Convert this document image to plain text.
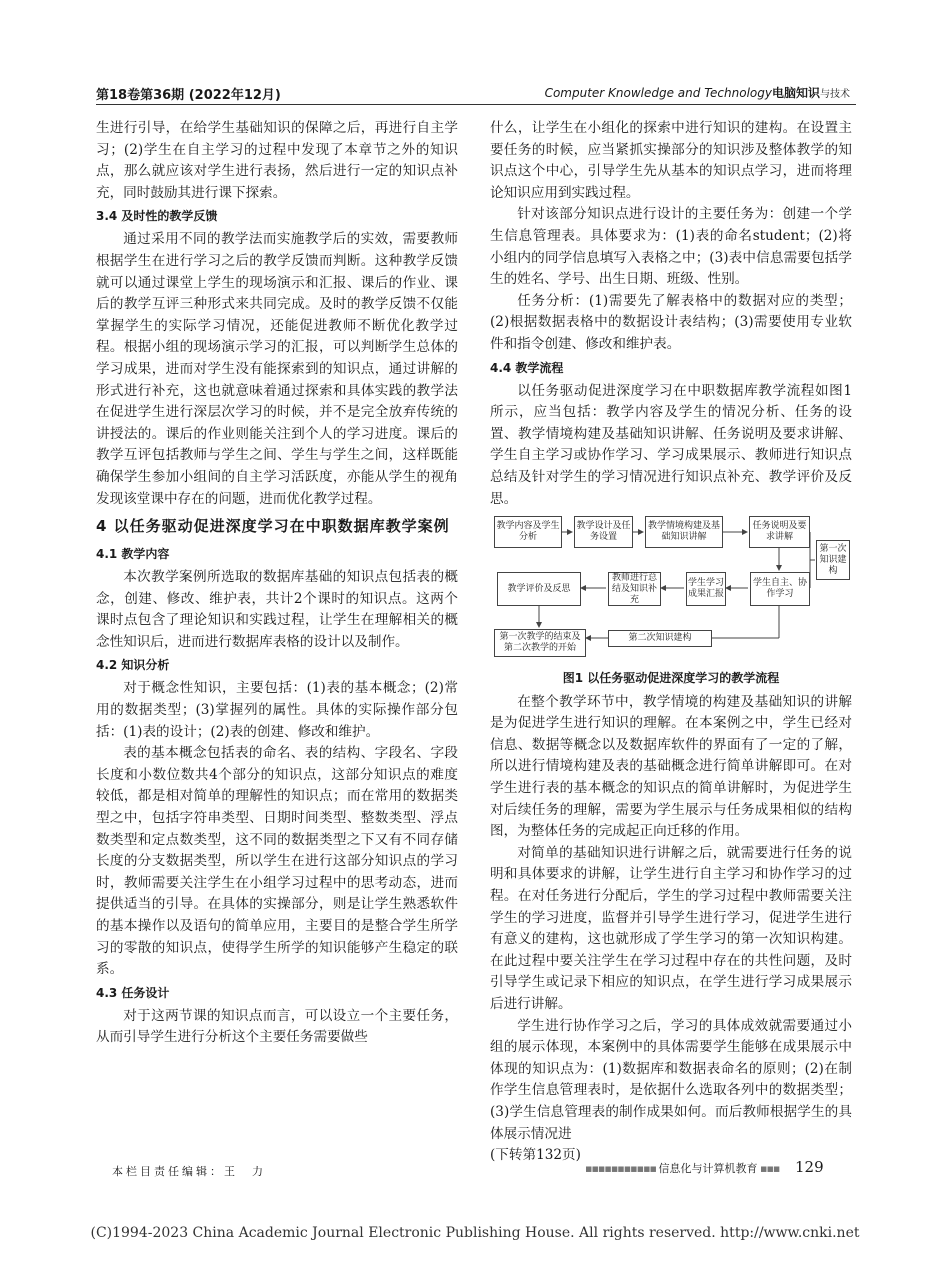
第18卷第36期 (2022年12月)	Computer Knowledge and Technology电脑知识与技术

生进行引导，在给学生基础知识的保障之后，再进行自主学习；(2)学生在自主学习的过程中发现了本章节之外的知识点，那么就应该对学生进行表扬，然后进行一定的知识点补充，同时鼓励其进行课下探索。

3.4 及时性的教学反馈

通过采用不同的教学法而实施教学后的实效，需要教师根据学生在进行学习之后的教学反馈而判断。这种教学反馈就可以通过课堂上学生的现场演示和汇报、课后的作业、课后的教学互评三种形式来共同完成。及时的教学反馈不仅能掌握学生的实际学习情况，还能促进教师不断优化教学过程。根据小组的现场演示学习的汇报，可以判断学生总体的学习成果，进而对学生没有能探索到的知识点，通过讲解的形式进行补充，这也就意味着通过探索和具体实践的教学法在促进学生进行深层次学习的时候，并不是完全放弃传统的讲授法的。课后的作业则能关注到个人的学习进度。课后的教学互评包括教师与学生之间、学生与学生之间，这样既能确保学生参加小组间的自主学习活跃度，亦能从学生的视角发现该堂课中存在的问题，进而优化教学过程。

4 以任务驱动促进深度学习在中职数据库教学案例
4.1 教学内容

本次教学案例所选取的数据库基础的知识点包括表的概念，创建、修改、维护表，共计2个课时的知识点。这两个课时点包含了理论知识和实践过程，让学生在理解相关的概念性知识后，进而进行数据库表格的设计以及制作。

4.2 知识分析

对于概念性知识，主要包括：(1)表的基本概念；(2)常用的数据类型；(3)掌握列的属性。具体的实际操作部分包括：(1)表的设计；(2)表的创建、修改和维护。

表的基本概念包括表的命名、表的结构、字段名、字段长度和小数位数共4个部分的知识点，这部分知识点的难度较低，都是相对简单的理解性的知识点；而在常用的数据类型之中，包括字符串类型、日期时间类型、整数类型、浮点数类型和定点数类型，这不同的数据类型之下又有不同存储长度的分支数据类型，所以学生在进行这部分知识点的学习时，教师需要关注学生在小组学习过程中的思考动态，进而提供适当的引导。在具体的实操部分，则是让学生熟悉软件的基本操作以及语句的简单应用，主要目的是整合学生所学习的零散的知识点，使得学生所学的知识能够产生稳定的联系。

4.3 任务设计

对于这两节课的知识点而言，可以设立一个主要任务，从而引导学生进行分析这个主要任务需要做些

什么，让学生在小组化的探索中进行知识的建构。在设置主要任务的时候，应当紧抓实操部分的知识涉及整体教学的知识点这个中心，引导学生先从基本的知识点学习，进而将理论知识应用到实践过程。

针对该部分知识点进行设计的主要任务为：创建一个学生信息管理表。具体要求为：(1)表的命名student；(2)将小组内的同学信息填写入表格之中；(3)表中信息需要包括学生的姓名、学号、出生日期、班级、性别。

任务分析：(1)需要先了解表格中的数据对应的类型；(2)根据数据表格中的数据设计表结构；(3)需要使用专业软件和指令创建、修改和维护表。

4.4 教学流程

以任务驱动促进深度学习在中职数据库教学流程如图1所示，应当包括：教学内容及学生的情况分析、任务的设置、教学情境构建及基础知识讲解、任务说明及要求讲解、学生自主学习或协作学习、学习成果展示、教师进行知识点总结及针对学生的学习情况进行知识点补充、教学评价及反思。

教学内容及学生分析
教学设计及任务设置
教学情境构建及基础知识讲解
任务说明及要求讲解
第一次知识建构
学生自主、协作学习
学生学习成果汇报
教师进行总结及知识补充
教学评价及反思
第一次教学的结束及第二次教学的开始
第二次知识建构
图1 以任务驱动促进深度学习的教学流程

在整个教学环节中，教学情境的构建及基础知识的讲解是为促进学生进行知识的理解。在本案例之中，学生已经对信息、数据等概念以及数据库软件的界面有了一定的了解，所以进行情境构建及表的基础概念进行简单讲解即可。在对学生进行表的基本概念的知识点的简单讲解时，为促进学生对后续任务的理解，需要为学生展示与任务成果相似的结构图，为整体任务的完成起正向迁移的作用。

对简单的基础知识进行讲解之后，就需要进行任务的说明和具体要求的讲解，让学生进行自主学习和协作学习的过程。在对任务进行分配后，学生的学习过程中教师需要关注学生的学习进度，监督并引导学生进行学习，促进学生进行有意义的建构，这也就形成了学生学习的第一次知识构建。在此过程中要关注学生在学习过程中存在的共性问题，及时引导学生或记录下相应的知识点，在学生进行学习成果展示后进行讲解。

学生进行协作学习之后，学习的具体成效就需要通过小组的展示体现，本案例中的具体需要学生能够在成果展示中体现的知识点为：(1)数据库和数据表命名的原则；(2)在制作学生信息管理表时，是依据什么选取各列中的数据类型；(3)学生信息管理表的制作成果如何。而后教师根据学生的具体展示情况进

(下转第132页)

本栏目责任编辑：王　力	▪▪▪▪▪▪▪▪▪▪▪ 信息化与计算机教育 ▪▪▪ 129
(C)1994-2023 China Academic Journal Electronic Publishing House. All rights reserved. http://www.cnki.net
